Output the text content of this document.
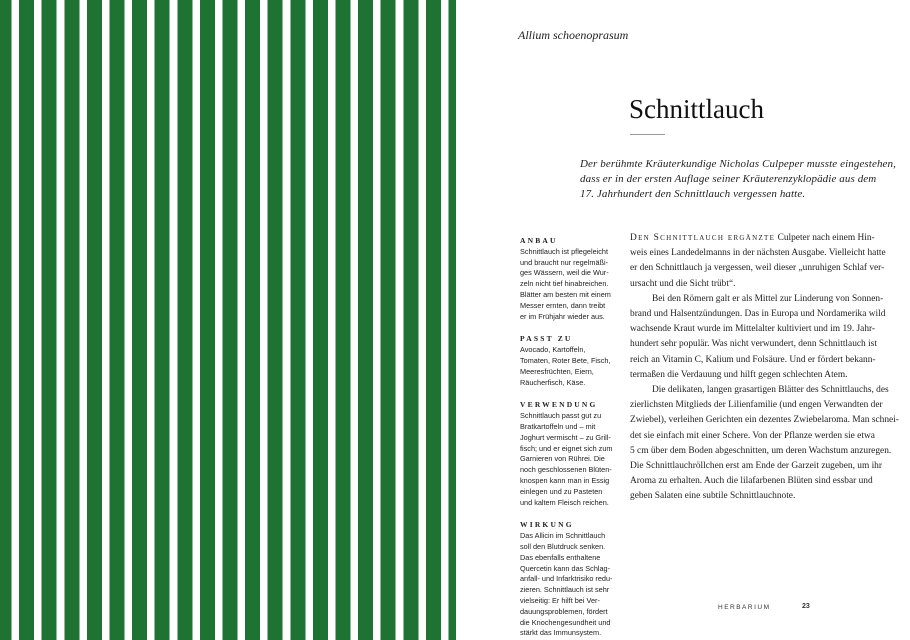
Allium schoenoprasum
Schnittlauch
Der berühmte Kräuterkundige Nicholas Culpeper musste eingestehen,
dass er in der ersten Auflage seiner Kräuterenzyklopädie aus dem
17. Jahrhundert den Schnittlauch vergessen hatte.
ANBAU
Schnittlauch ist pflegeleicht
und braucht nur regelmäßi-
ges Wässern, weil die Wur-
zeln nicht tief hinabreichen.
Blätter am besten mit einem
Messer ernten, dann treibt
er im Frühjahr wieder aus.
PASST ZU
Avocado, Kartoffeln,
Tomaten, Roter Bete, Fisch,
Meeresfrüchten, Eiern,
Räucherfisch, Käse.
VERWENDUNG
Schnittlauch passt gut zu
Bratkartoffeln und – mit
Joghurt vermischt – zu Grill-
fisch; und er eignet sich zum
Garnieren von Rührei. Die
noch geschlossenen Blüten-
knospen kann man in Essig
einlegen und zu Pasteten
und kaltem Fleisch reichen.
WIRKUNG
Das Allicin im Schnittlauch
soll den Blutdruck senken.
Das ebenfalls enthaltene
Quercetin kann das Schlag-
anfall- und Infarktrisiko redu-
zieren. Schnittlauch ist sehr
vielseitig: Er hilft bei Ver-
dauungsproblemen, fördert
die Knochengesundheit und
stärkt das Immunsystem.
Den Schnittlauch ergänzte Culpeter nach einem Hin-
weis eines Landedelmanns in der nächsten Ausgabe. Vielleicht hatte
er den Schnittlauch ja vergessen, weil dieser „unruhigen Schlaf ver-
ursacht und die Sicht trübt“.
Bei den Römern galt er als Mittel zur Linderung von Sonnen-
brand und Halsentzündungen. Das in Europa und Nordamerika wild
wachsende Kraut wurde im Mittelalter kultiviert und im 19. Jahr-
hundert sehr populär. Was nicht verwundert, denn Schnittlauch ist
reich an Vitamin C, Kalium und Folsäure. Und er fördert bekann-
termaßen die Verdauung und hilft gegen schlechten Atem.
Die delikaten, langen grasartigen Blätter des Schnittlauchs, des
zierlichsten Mitglieds der Lilienfamilie (und engen Verwandten der
Zwiebel), verleihen Gerichten ein dezentes Zwiebelaroma. Man schnei-
det sie einfach mit einer Schere. Von der Pflanze werden sie etwa
5 cm über dem Boden abgeschnitten, um deren Wachstum anzuregen.
Die Schnittlauchröllchen erst am Ende der Garzeit zugeben, um ihr
Aroma zu erhalten. Auch die lilafarbenen Blüten sind essbar und
geben Salaten eine subtile Schnittlauchnote.
HERBARIUM	23
